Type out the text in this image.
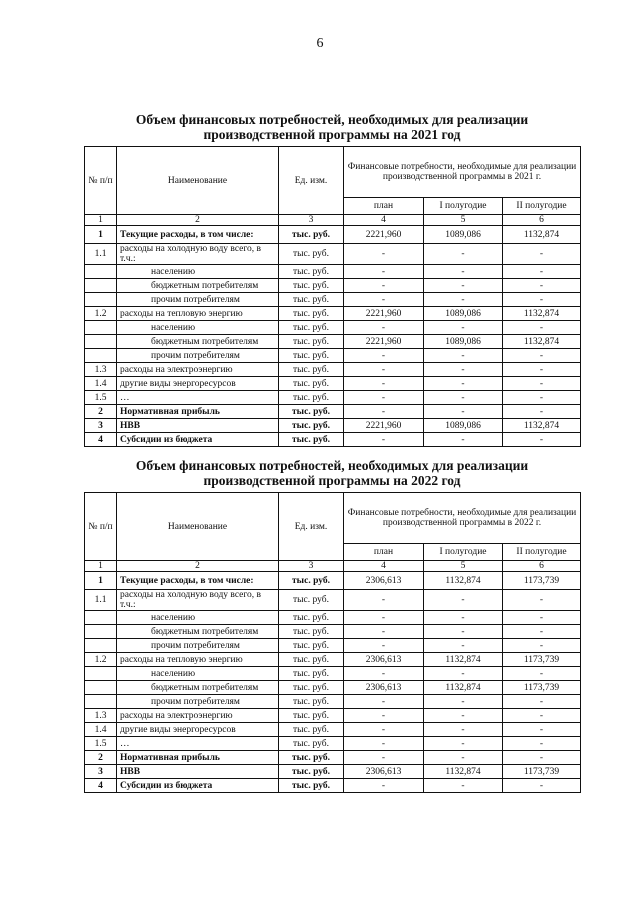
6
Объем финансовых потребностей, необходимых для реализации
производственной программы на 2021 год
№ п/п	Наименование	Ед. изм.	Финансовые потребности, необходимые для реализации производственной программы в 2021 г.		
			план	I полугодие	II полугодие
1	2	3	4	5	6
1	Текущие расходы, в том числе:	тыс. руб.	2221,960	1089,086	1132,874
1.1	расходы на холодную воду всего, в т.ч.:	тыс. руб.	-	-	-
	населению	тыс. руб.	-	-	-
	бюджетным потребителям	тыс. руб.	-	-	-
	прочим потребителям	тыс. руб.	-	-	-
1.2	расходы на тепловую энергию	тыс. руб.	2221,960	1089,086	1132,874
	населению	тыс. руб.	-	-	-
	бюджетным потребителям	тыс. руб.	2221,960	1089,086	1132,874
	прочим потребителям	тыс. руб.	-	-	-
1.3	расходы на электроэнергию	тыс. руб.	-	-	-
1.4	другие виды энергоресурсов	тыс. руб.	-	-	-
1.5	…	тыс. руб.	-	-	-
2	Нормативная прибыль	тыс. руб.	-	-	-
3	НВВ	тыс. руб.	2221,960	1089,086	1132,874
4	Субсидии из бюджета	тыс. руб.	-	-	-
Объем финансовых потребностей, необходимых для реализации
производственной программы на 2022 год
№ п/п	Наименование	Ед. изм.	Финансовые потребности, необходимые для реализации производственной программы в 2022 г.		
			план	I полугодие	II полугодие
1	2	3	4	5	6
1	Текущие расходы, в том числе:	тыс. руб.	2306,613	1132,874	1173,739
1.1	расходы на холодную воду всего, в т.ч.:	тыс. руб.	-	-	-
	населению	тыс. руб.	-	-	-
	бюджетным потребителям	тыс. руб.	-	-	-
	прочим потребителям	тыс. руб.	-	-	-
1.2	расходы на тепловую энергию	тыс. руб.	2306,613	1132,874	1173,739
	населению	тыс. руб.	-	-	-
	бюджетным потребителям	тыс. руб.	2306,613	1132,874	1173,739
	прочим потребителям	тыс. руб.	-	-	-
1.3	расходы на электроэнергию	тыс. руб.	-	-	-
1.4	другие виды энергоресурсов	тыс. руб.	-	-	-
1.5	…	тыс. руб.	-	-	-
2	Нормативная прибыль	тыс. руб.	-	-	-
3	НВВ	тыс. руб.	2306,613	1132,874	1173,739
4	Субсидии из бюджета	тыс. руб.	-	-	-
